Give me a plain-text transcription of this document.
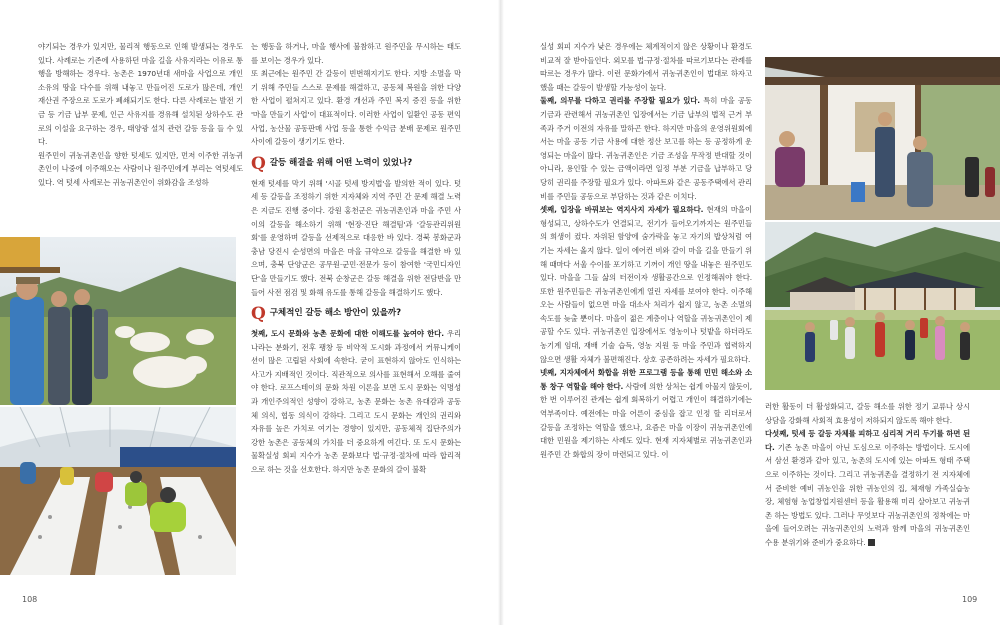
야기되는 경우가 있지만, 물리적 행동으로 인해 발생되는 경우도 있다. 사례로는 기존에 사용하던 마을 길을 사유지라는 이유로 통행을 방해하는 경우다. 농촌은 1970년대 새마을 사업으로 개인 소유의 땅을 다수를 위해 내놓고 만들어진 도로가 많은데, 개인 재산권 주장으로 도로가 폐쇄되기도 한다. 다른 사례로는 발전 기금 등 기금 납부 문제, 인근 사유지를 경유해 설치된 상하수도 관로의 이설을 요구하는 경우, 태양광 설치 관련 갈등 등을 들 수 있다.

원주민이 귀농귀촌인을 향한 텃세도 있지만, 먼저 이주한 귀농귀촌인이 나중에 이주해오는 사람이나 원주민에게 부리는 역텃세도 있다. 역 텃세 사례로는 귀농귀촌인이 위화감을 조성하

는 행동을 하거나, 마을 행사에 불참하고 원주민을 무시하는 태도를 보이는 경우가 있다.

또 최근에는 원주민 간 갈등이 빈번해지기도 한다. 지방 소멸을 막기 위해 주민들 스스로 문제를 해결하고, 공동체 복원을 위한 다양한 사업이 펼쳐지고 있다. 환경 개선과 주민 복지 증진 등을 위한 '마을 만들기 사업'이 대표적이다. 이러한 사업이 일환인 공동 편익 사업, 농산물 공동판매 사업 등을 통한 수익금 분배 문제로 원주민 사이에 갈등이 생기기도 한다.

Q 갈등 해결을 위해 어떤 노력이 있었나?

현재 텃세를 막기 위해 '시골 텃세 방지법'을 발의한 적이 있다. 텃세 등 갈등을 조정하기 위한 지자체와 지역 주민 간 문제 해결 노력은 지금도 진행 중이다. 강원 홍천군은 귀농귀촌인과 마을 주민 사이의 갈등을 해소하기 위해 '현장·진단 해결팀'과 '갈등관리위원회'를 운영하며 갈등을 선제적으로 대응한 바 있다. 경북 봉화군과 충남 당진시 순성면의 마을은 마을 규약으로 갈등을 해결한 바 있으며, 충북 단양군은 공무원·군민·전문가 등이 참여한 '국민디자인단'을 만들기도 했다. 전북 순창군은 갈등 해결을 위한 전담반을 만들어 사전 점검 및 화해 유도를 통해 갈등을 해결하기도 했다.

Q 구체적인 갈등 해소 방안이 있을까?

첫째, 도시 문화와 농촌 문화에 대한 이해도를 높여야 한다. 우리나라는 분화기, 전후 팽창 등 비약적 도시화 과정에서 커뮤니케이션이 많은 고립된 사회에 속한다. 굳이 표현하지 않아도 인식하는 사고가 지배적인 것이다. 직관적으로 의사를 표현해서 오해를 줄여야 한다. 로프스테이의 문화 차원 이론을 보면 도시 문화는 익명성과 개인주의적인 성향이 강하고, 농촌 문화는 농촌 유대감과 공동체 의식, 협동 의식이 강하다. 그리고 도시 문화는 개인의 권리와 자유를 높은 가치로 여기는 경향이 있지만, 공동체적 집단주의가 강한 농촌은 공동체의 가치를 더 중요하게 여긴다. 또 도시 문화는 물확실성 회피 지수가 농촌 문화보다 법·규정·절차에 따라 합리적으로 하는 것을 선호한다. 하지만 농촌 문화의 갈이 불확

108

실성 회피 지수가 낮은 경우에는 체계적이지 않은 상황이나 환경도 비교적 잘 받아들인다. 외모를 법·규정·절차를 따르기보다는 관례를 따르는 경우가 많다. 이런 문화가에서 귀농귀촌인이 법대로 하자고 했을 때는 갈등이 발생할 가능성이 높다.

둘째, 의무를 다하고 권리를 주장할 필요가 있다. 특히 마을 공동 기금과 관련해서 귀농귀촌인 입장에서는 기금 납부의 법적 근거 부족과 주거 이전의 자유를 말하곤 한다. 하지만 마을의 운영위원회에서는 마을 공동 기금 사용에 대한 정산 보고를 하는 등 공정하게 운영되는 마을이 많다. 귀농귀촌인은 기금 조성을 무작정 반대할 것이 아니라, 용인할 수 있는 금액이라면 일정 부분 기금을 납부하고 당당히 권리를 주장할 필요가 있다. 아파트와 같은 공동주택에서 관리비를 주민들 공동으로 부담하는 것과 같은 이치다.

셋째, 입장을 바꿔보는 역지사지 자세가 필요하다. 현재의 마을이 형성되고, 상하수도가 연결되고, 전기가 들어오기까지는 원주민들의 희생이 컸다. 자위된 함양에 숨가락을 놓고 자기의 밥상처럼 여기는 자세는 옳지 않다. 일이 에어컨 비와 갈이 마을 길을 만들기 위해 때마다 서울 수이를 포기하고 기꺼이 개인 땅을 내놓은 원주민도 있다. 마을을 그들 삶의 터전이자 생활공간으로 인정해줘야 한다. 또한 원주민들은 귀농귀촌인에게 열린 자세를 보여야 한다. 이주해오는 사람들이 없으면 마을 대소사 처리가 쉽지 않고, 농촌 소멸의 속도를 늦출 뿐이다. 마을이 젊은 계층이나 역할을 귀농귀촌인이 제공할 수도 있다. 귀농귀촌인 입장에서도 영농이나 텃밭을 하더라도 농기계 임대, 재배 기술 습득, 영농 지원 등 마을 주민과 협력하지 않으면 생활 자체가 불편해진다. 상호 공존하려는 자세가 필요하다.

넷째, 지자체에서 화합을 위한 프로그램 등을 통해 민민 해소와 소통 창구 역할을 해야 한다. 사람에 의한 상처는 쉽게 아물지 않듯이, 한 번 이루어진 관계는 쉽게 회복하기 어렵고 개인이 해결하기에는 역부족이다. 예전에는 마을 어른이 중심을 잡고 인정 할 리더로서 갈등을 조정하는 역할을 했으나, 요즘은 마을 이장이 귀농귀촌인에 대한 민원을 제기하는 사례도 있다. 현재 지자체별로 귀농귀촌인과 원주민 간 화합의 장이 마련되고 있다. 이

러한 활동이 더 활성화되고, 갈등 해소를 위한 정기 교류나 상시 상담을 강화해 사회적 효용성이 저하되지 않도록 해야 한다.

다섯째, 텃세 등 갈등 자체를 피하고 심리적 거리 두기를 하면 된다. 기존 농촌 마을이 아닌 도심으로 이주하는 방법이다. 도시에서 삼선 환경과 같아 있고, 농촌의 도시에 있는 아파트 형태 주택으로 이주하는 것이다. 그리고 귀농귀촌을 결정하기 전 지자체에서 준비한 예비 귀농인을 위한 귀농인의 집, 체재형 가족실습농장, 체험형 농업창업지원센터 등을 활용해 미리 살아보고 귀농귀촌 하는 방법도 있다. 그러나 무엇보다 귀농귀촌인의 정착에는 마을에 들어오려는 귀농귀촌인의 노력과 함께 마을의 귀농귀촌인 수용 분위기와 준비가 중요하다.

109
